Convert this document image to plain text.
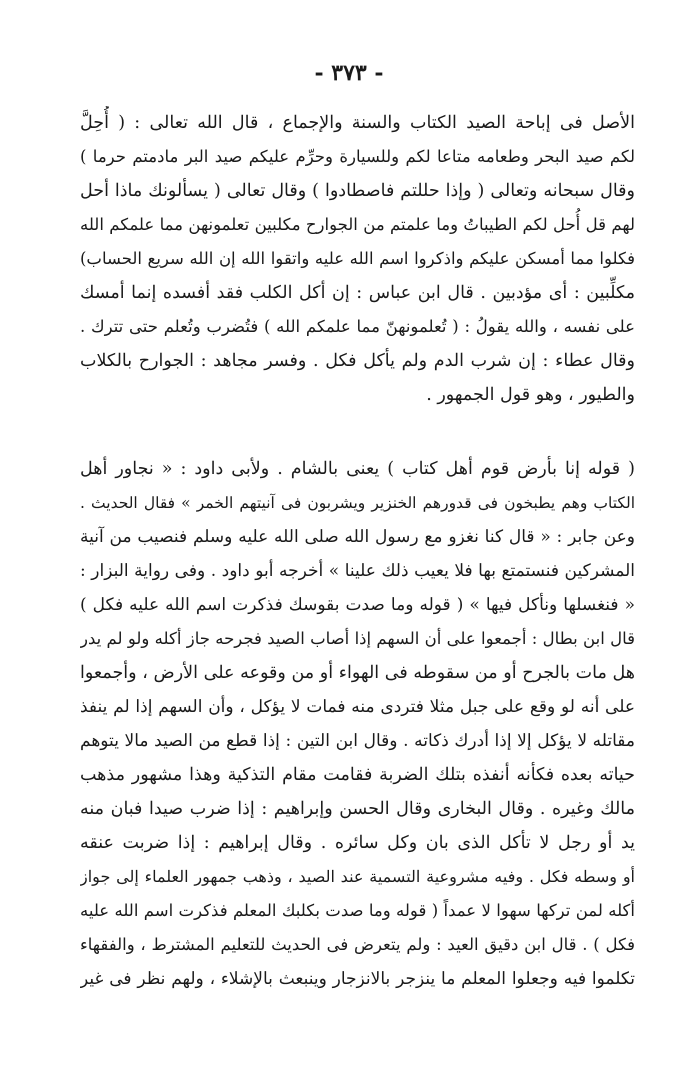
- ٣٧٣ -
الأصل فى إباحة الصيد الكتاب والسنة والإجماع ، قال الله تعالى : ( أُحِلَّ
لكم صيد البحر وطعامه متاعا لكم وللسيارة وحرِّم عليكم صيد البر مادمتم حرما )
وقال سبحانه وتعالى ( وإذا حللتم فاصطادوا ) وقال تعالى ( يسألونك ماذا أحل
لهم قل أُحل لكم الطيباتُ وما علمتم من الجوارح مكلبين تعلمونهن مما علمكم الله
فكلوا مما أمسكن عليكم واذكروا اسم الله عليه واتقوا الله إن الله سريع الحساب)
مكلِّبين : أى مؤدبين . قال ابن عباس : إن أكل الكلب فقد أفسده إنما أمسك
على نفسه ، والله يقولُ : ( تُعلمونهنّ مما علمكم الله ) فتُضرب وتُعلم حتى تترك .
وقال عطاء : إن شرب الدم ولم يأكل فكل . وفسر مجاهد : الجوارح بالكلاب
والطيور ، وهو قول الجمهور .
( قوله إنا بأرض قوم أهل كتاب ) يعنى بالشام . ولأبى داود : « نجاور أهل
الكتاب وهم يطبخون فى قدورهم الخنزير ويشربون فى آنيتهم الخمر » فقال الحديث .
وعن جابر : « قال كنا نغزو مع رسول الله صلى الله عليه وسلم فنصيب من آنية
المشركين فنستمتع بها فلا يعيب ذلك علينا » أخرجه أبو داود . وفى رواية البزار :
« فنغسلها ونأكل فيها » ( قوله وما صدت بقوسك فذكرت اسم الله عليه فكل )
قال ابن بطال : أجمعوا على أن السهم إذا أصاب الصيد فجرحه جاز أكله ولو لم يدر
هل مات بالجرح أو من سقوطه فى الهواء أو من وقوعه على الأرض ، وأجمعوا
على أنه لو وقع على جبل مثلا فتردى منه فمات لا يؤكل ، وأن السهم إذا لم ينفذ
مقاتله لا يؤكل إلا إذا أدرك ذكاته . وقال ابن التين : إذا قطع من الصيد مالا يتوهم
حياته بعده فكأنه أنفذه بتلك الضربة فقامت مقام التذكية وهذا مشهور مذهب
مالك وغيره . وقال البخارى وقال الحسن وإبراهيم : إذا ضرب صيدا فبان منه
يد أو رجل لا تأكل الذى بان وكل سائره . وقال إبراهيم : إذا ضربت عنقه
أو وسطه فكل . وفيه مشروعية التسمية عند الصيد ، وذهب جمهور العلماء إلى جواز
أكله لمن تركها سهوا لا عمداً ( قوله وما صدت بكلبك المعلم فذكرت اسم الله عليه
فكل ) . قال ابن دقيق العيد : ولم يتعرض فى الحديث للتعليم المشترط ، والفقهاء
تكلموا فيه وجعلوا المعلم ما ينزجر بالانزجار وينبعث بالإشلاء ، ولهم نظر فى غير
